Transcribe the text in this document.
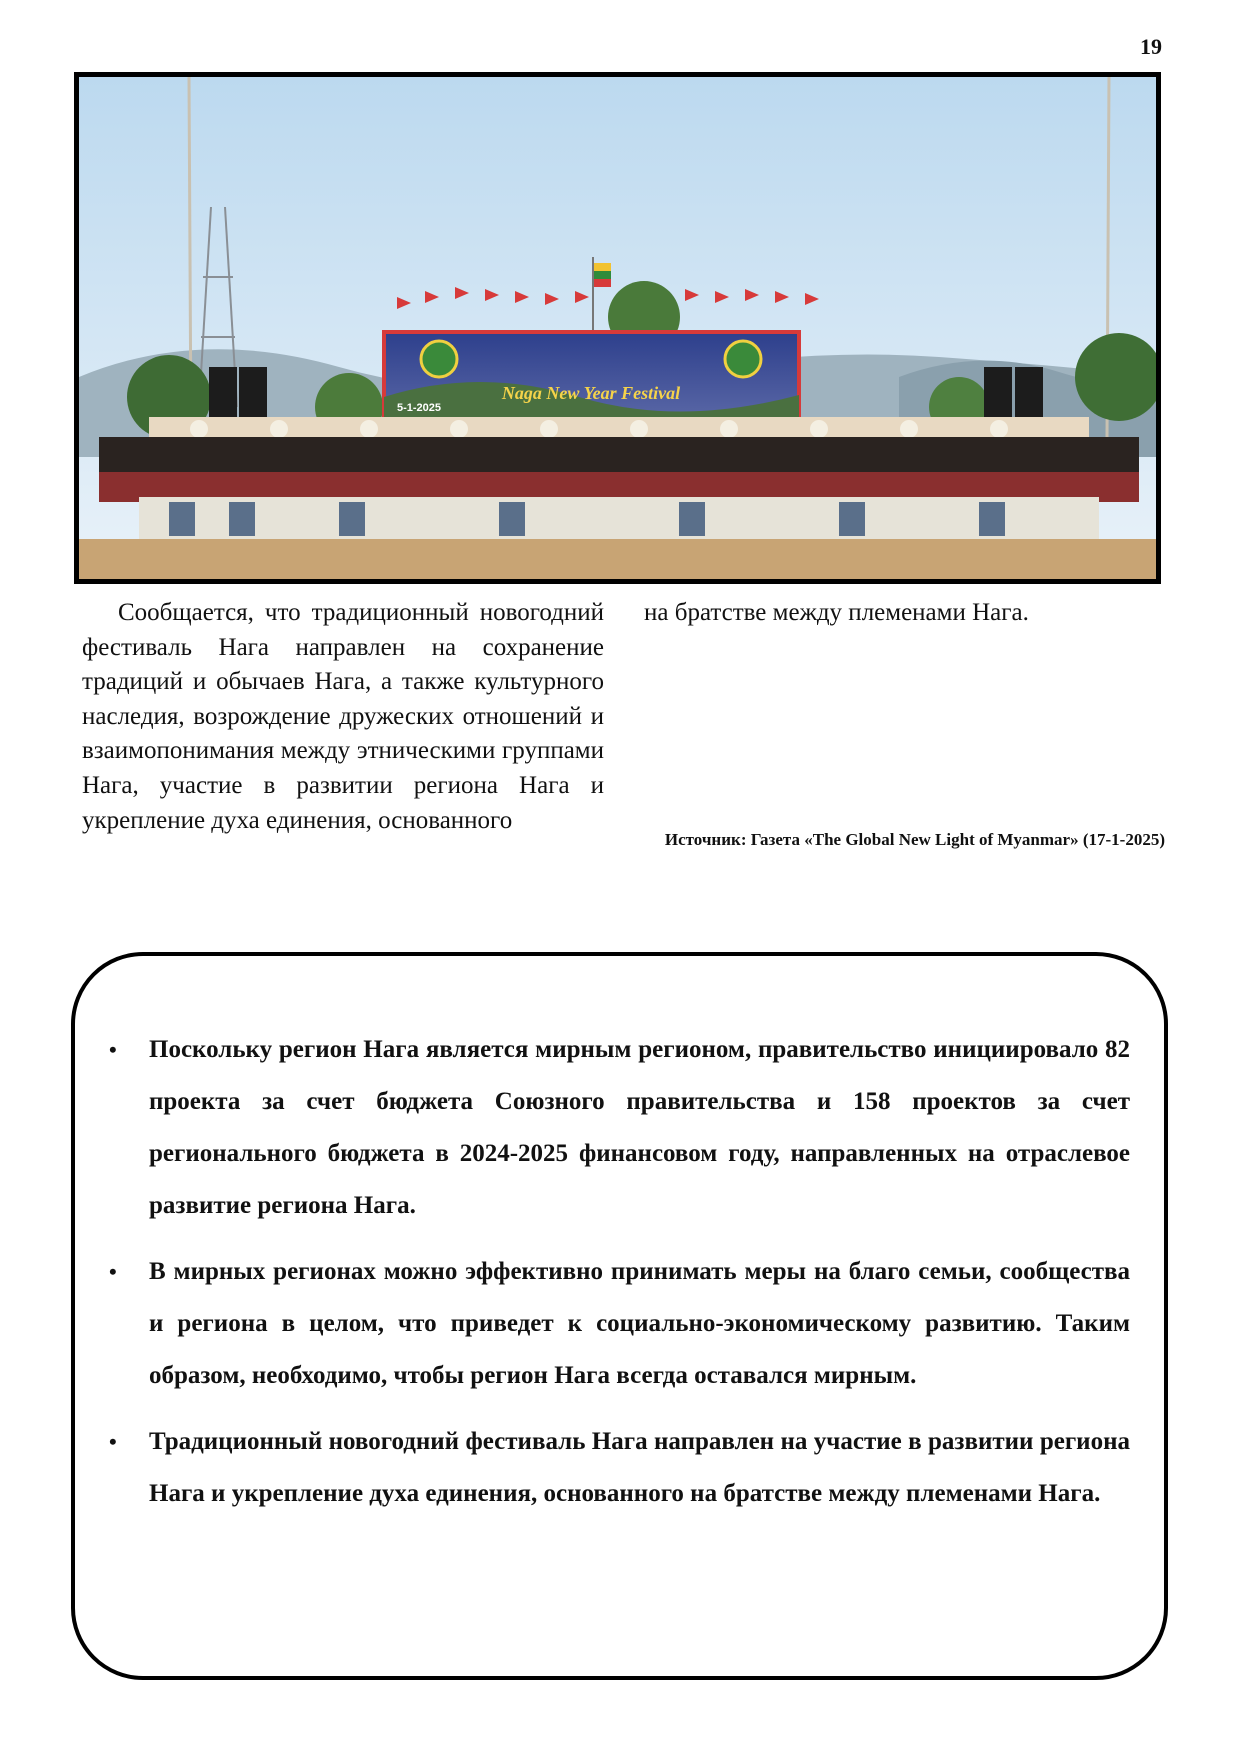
19
Naga New Year Festival
5-1-2025

Сообщается, что традиционный новогодний фестиваль Нага направлен на сохранение традиций и обычаев Нага, а также культурного наследия, возрождение дружеских отношений и взаимопонимания между этническими группами Нага, участие в развитии региона Нага и укрепление духа единения, основанного

на братстве между племенами Нага.

Источник: Газета «The Global New Light of Myanmar» (17-1-2025)
• Поскольку регион Нага является мирным регионом, правительство инициировало 82 проекта за счет бюджета Союзного правительства и 158 проектов за счет регионального бюджета в 2024-2025 финансовом году, направленных на отраслевое развитие региона Нага.
• В мирных регионах можно эффективно принимать меры на благо семьи, сообщества и региона в целом, что приведет к социально-экономическому развитию. Таким образом, необходимо, чтобы регион Нага всегда оставался мирным.
• Традиционный новогодний фестиваль Нага направлен на участие в развитии региона Нага и укрепление духа единения, основанного на братстве между племенами Нага.
